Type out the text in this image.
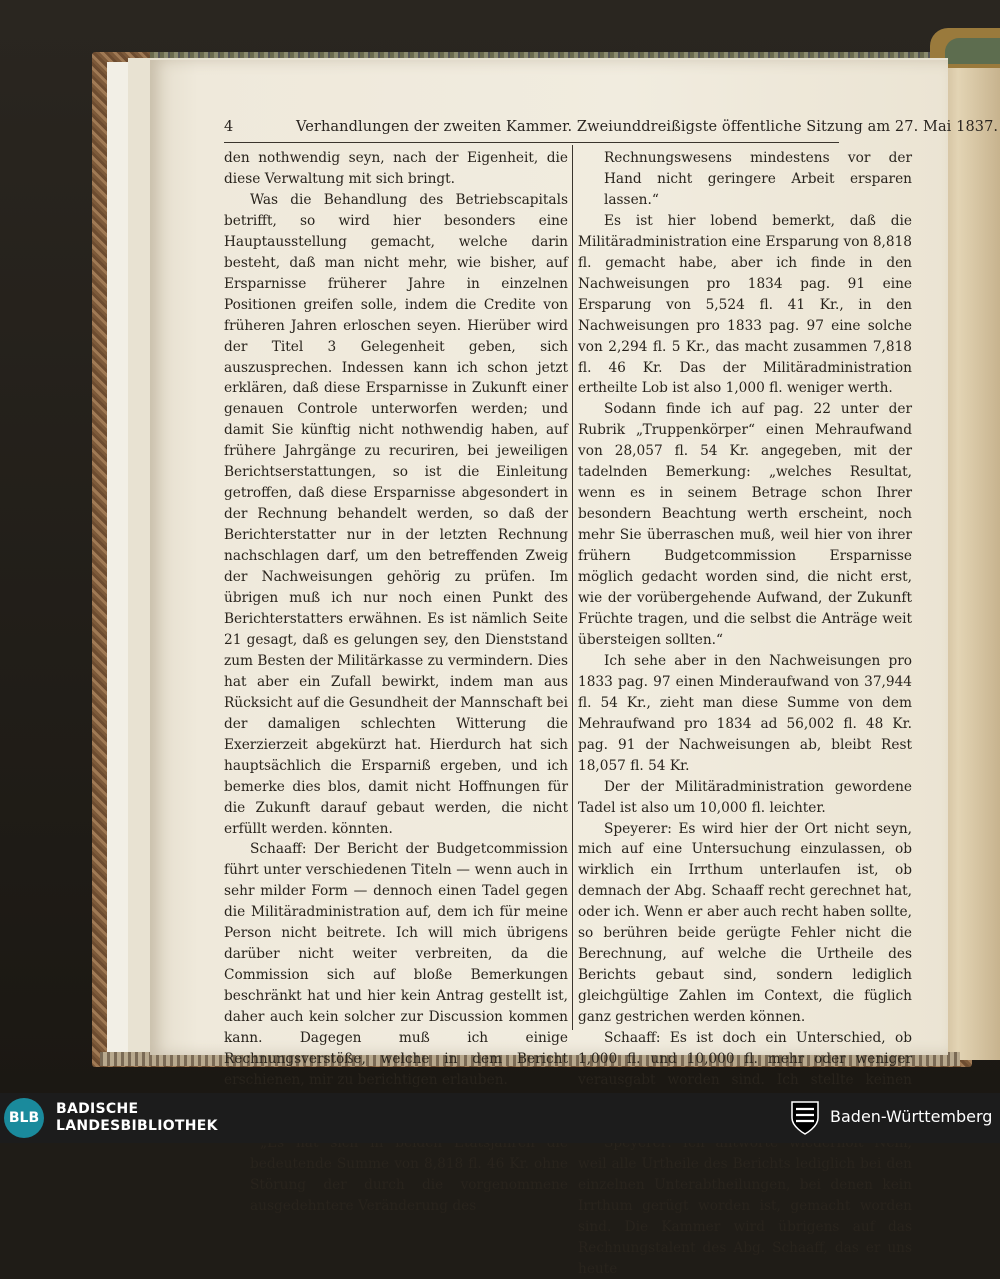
4	Verhandlungen der zweiten Kammer. Zweiunddreißigste öffentliche Sitzung am 27. Mai 1837.

den nothwendig seyn, nach der Eigenheit, die diese Verwaltung mit sich bringt.

Was die Behandlung des Betriebscapitals betrifft, so wird hier besonders eine Hauptausstellung gemacht, welche darin besteht, daß man nicht mehr, wie bisher, auf Ersparnisse früherer Jahre in einzelnen Positionen greifen solle, indem die Credite von früheren Jahren erloschen seyen. Hierüber wird der Titel 3 Gelegenheit geben, sich auszusprechen. Indessen kann ich schon jetzt erklären, daß diese Ersparnisse in Zukunft einer genauen Controle unterworfen werden; und damit Sie künftig nicht nothwendig haben, auf frühere Jahrgänge zu recuriren, bei jeweiligen Berichtserstattungen, so ist die Einleitung getroffen, daß diese Ersparnisse abgesondert in der Rechnung behandelt werden, so daß der Berichterstatter nur in der letzten Rechnung nachschlagen darf, um den betreffenden Zweig der Nachweisungen gehörig zu prüfen. Im übrigen muß ich nur noch einen Punkt des Berichterstatters erwähnen. Es ist nämlich Seite 21 gesagt, daß es gelungen sey, den Dienststand zum Besten der Militärkasse zu vermindern. Dies hat aber ein Zufall bewirkt, indem man aus Rücksicht auf die Gesundheit der Mannschaft bei der damaligen schlechten Witterung die Exerzierzeit abgekürzt hat. Hierdurch hat sich hauptsächlich die Ersparniß ergeben, und ich bemerke dies blos, damit nicht Hoffnungen für die Zukunft darauf gebaut werden, die nicht erfüllt werden. könnten.

Schaaff: Der Bericht der Budgetcommission führt unter verschiedenen Titeln — wenn auch in sehr milder Form — dennoch einen Tadel gegen die Militäradministration auf, dem ich für meine Person nicht beitrete. Ich will mich übrigens darüber nicht weiter verbreiten, da die Commission sich auf bloße Bemerkungen beschränkt hat und hier kein Antrag gestellt ist, daher auch kein solcher zur Discussion kommen kann. Dagegen muß ich einige Rechnungsverstöße, welche in dem Bericht erschienen, mir zu berichtigen erlauben.

bedeutende Summe von 8,818 fl. 46 Kr. ohne Störung der durch die vorgenommene ausgedehntere Veränderung des

Rechnungswesens mindestens vor der Hand nicht geringere Arbeit ersparen lassen.“

Es ist hier lobend bemerkt, daß die Militäradministration eine Ersparung von 8,818 fl. gemacht habe, aber ich finde in den Nachweisungen pro 1834 pag. 91 eine Ersparung von 5,524 fl. 41 Kr., in den Nachweisungen pro 1833 pag. 97 eine solche von 2,294 fl. 5 Kr., das macht zusammen 7,818 fl. 46 Kr. Das der Militäradministration ertheilte Lob ist also 1,000 fl. weniger werth.

Sodann finde ich auf pag. 22 unter der Rubrik „Truppenkörper“ einen Mehraufwand von 28,057 fl. 54 Kr. angegeben, mit der tadelnden Bemerkung: „welches Resultat, wenn es in seinem Betrage schon Ihrer besondern Beachtung werth erscheint, noch mehr Sie überraschen muß, weil hier von ihrer frühern Budgetcommission Ersparnisse möglich gedacht worden sind, die nicht erst, wie der vorübergehende Aufwand, der Zukunft Früchte tragen, und die selbst die Anträge weit übersteigen sollten.“

Ich sehe aber in den Nachweisungen pro 1833 pag. 97 einen Minderaufwand von 37,944 fl. 54 Kr., zieht man diese Summe von dem Mehraufwand pro 1834 ad 56,002 fl. 48 Kr. pag. 91 der Nachweisungen ab, bleibt Rest 18,057 fl. 54 Kr.

Der der Militäradministration gewordene Tadel ist also um 10,000 fl. leichter.

Speyerer: Es wird hier der Ort nicht seyn, mich auf eine Untersuchung einzulassen, ob wirklich ein Irrthum unterlaufen ist, ob demnach der Abg. Schaaff recht gerechnet hat, oder ich. Wenn er aber auch recht haben sollte, so berühren beide gerügte Fehler nicht die Berechnung, auf welche die Urtheile des Berichts gebaut sind, sondern lediglich gleichgültige Zahlen im Context, die füglich ganz gestrichen werden können.

Schaaff: Es ist doch ein Unterschied, ob 1,000 fl. und 10,000 fl. mehr oder weniger verausgabt worden sind. Ich stellte keinen

weil alle Urtheile des Berichts lediglich bei den einzelnen Unterabtheilungen, bei denen kein Irrthum gerügt worden ist, gemacht worden sind. Die Kammer wird übrigens auf das Rechnungstalent des Abg. Schaaff, das er uns heute

BLB
BADISCHE
LANDESBIBLIOTHEK	Baden-Württemberg
